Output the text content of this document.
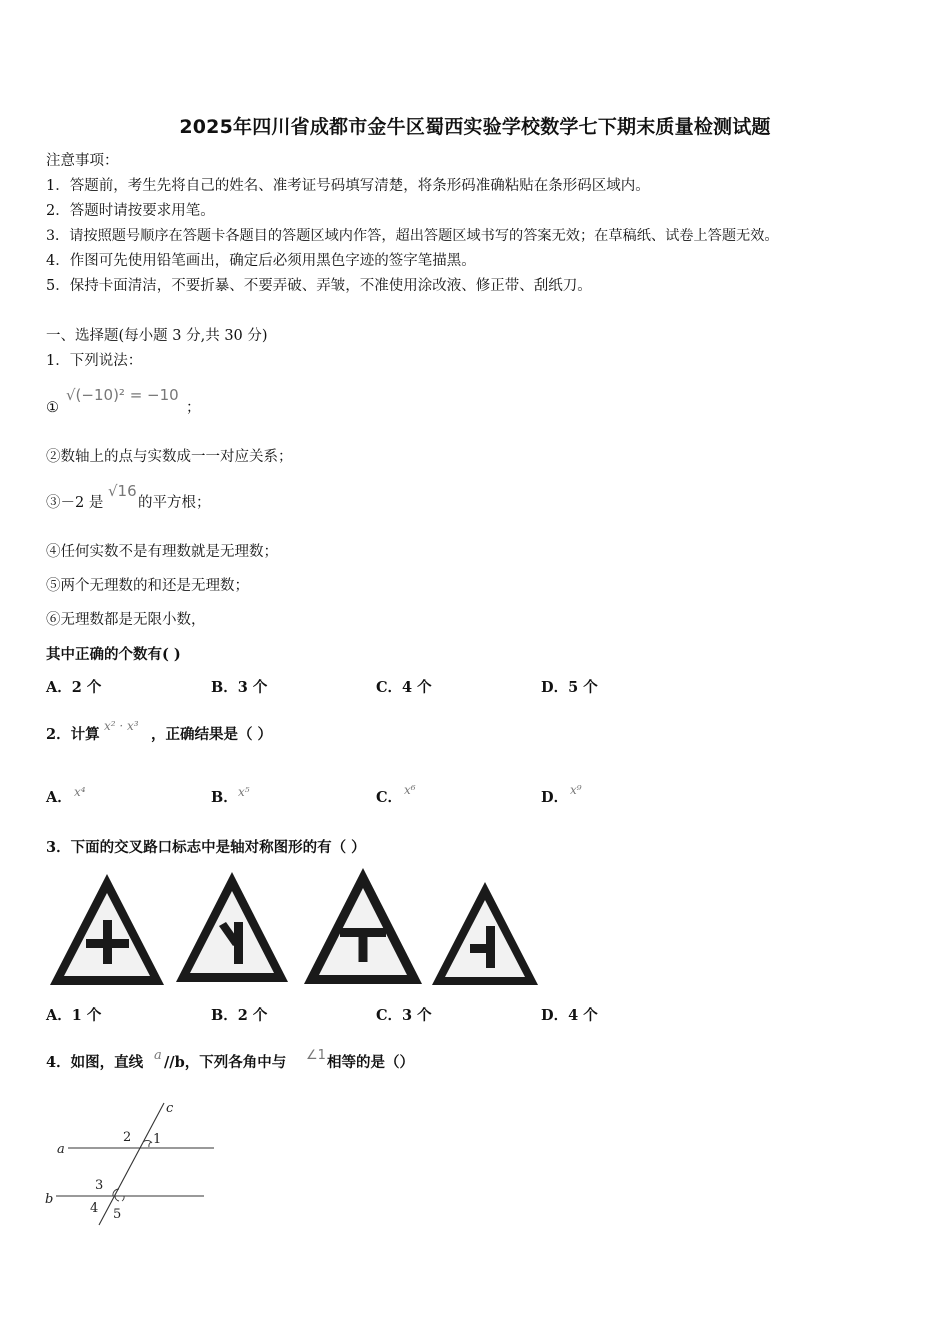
2025年四川省成都市金牛区蜀西实验学校数学七下期末质量检测试题
注意事项：
1．答题前，考生先将自己的姓名、准考证号码填写清楚，将条形码准确粘贴在条形码区域内。
2．答题时请按要求用笔。
3．请按照题号顺序在答题卡各题目的答题区域内作答，超出答题区域书写的答案无效；在草稿纸、试卷上答题无效。
4．作图可先使用铅笔画出，确定后必须用黑色字迹的签字笔描黑。
5．保持卡面清洁，不要折暴、不要弄破、弄皱，不准使用涂改液、修正带、刮纸刀。
一、选择题(每小题 3 分,共 30 分)
1．下列说法：
①
√(−10)² = −10
；
②数轴上的点与实数成一一对应关系；
③－2 是
√16
的平方根；
④任何实数不是有理数就是无理数；
⑤两个无理数的和还是无理数；
⑥无理数都是无限小数，
其中正确的个数有( )
A．2 个	B．3 个	C．4 个	D．5 个
2．计算 x² · x³ ，正确结果是（ ）
A． x⁴	B． x⁵	C． x⁶	D． x⁹
3．下面的交叉路口标志中是轴对称图形的有（ ）
A．1 个	B．2 个	C．3 个	D．4 个
4．如图，直线 a //b，下列各角中与 ∠1 相等的是（）
c
a
b
2 1
3
4 5
